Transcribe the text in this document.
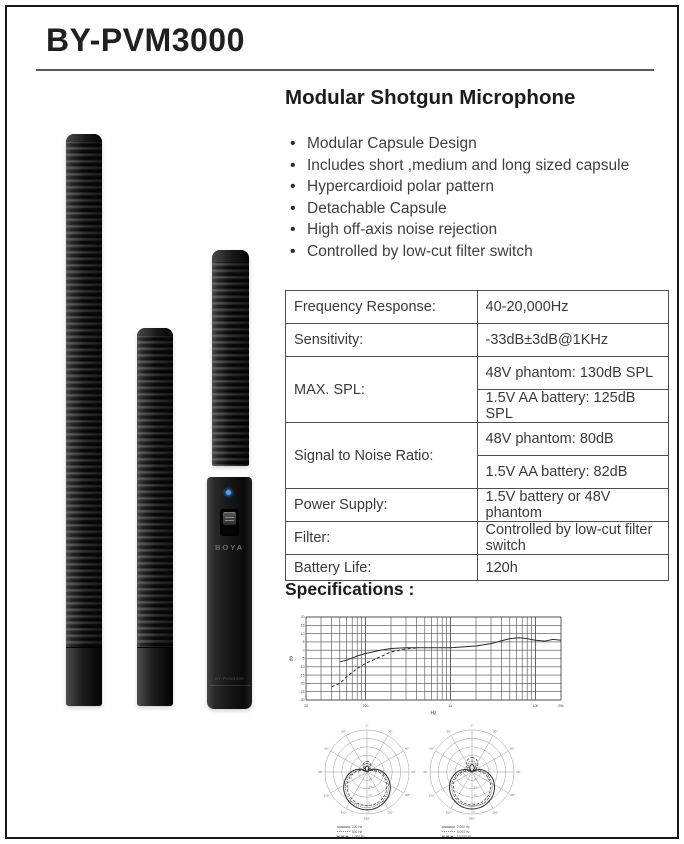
BY-PVM3000
BOYA
BY-PVM3000
Modular Shotgun Microphone
• Modular Capsule Design
• Includes short ,medium and long sized capsule
• Hypercardioid polar pattern
• Detachable Capsule
• High off-axis noise rejection
• Controlled by low-cut filter switch
Frequency Response:	40-20,000Hz
Sensitivity:	-33dB±3dB@1KHz
MAX. SPL:	48V phantom: 130dB SPL
	1.5V AA battery: 125dB SPL
Signal to Noise Ratio:	48V phantom: 80dB
	1.5V AA battery: 82dB
Power Supply:	1.5V battery or 48V phantom
Filter:	Controlled by low-cut filter switch
Battery Life:	120h
Specifications :
20
15
10
5
0
-5
-10
-15
-20
-25
-30
20	100	1k	10k	20k
Hz
dB
0°
30°
60°
90°
120°
150°
180°
150°
120°
90°
60°
30°
0
-5
-10
-15
-20
200 Hz
500 Hz
1,000 Hz
0°
30°
60°
90°
120°
150°
180°
150°
120°
90°
60°
30°
0
-5
-10
-15
-20
2,000 Hz
5,000 Hz
10,000 Hz
